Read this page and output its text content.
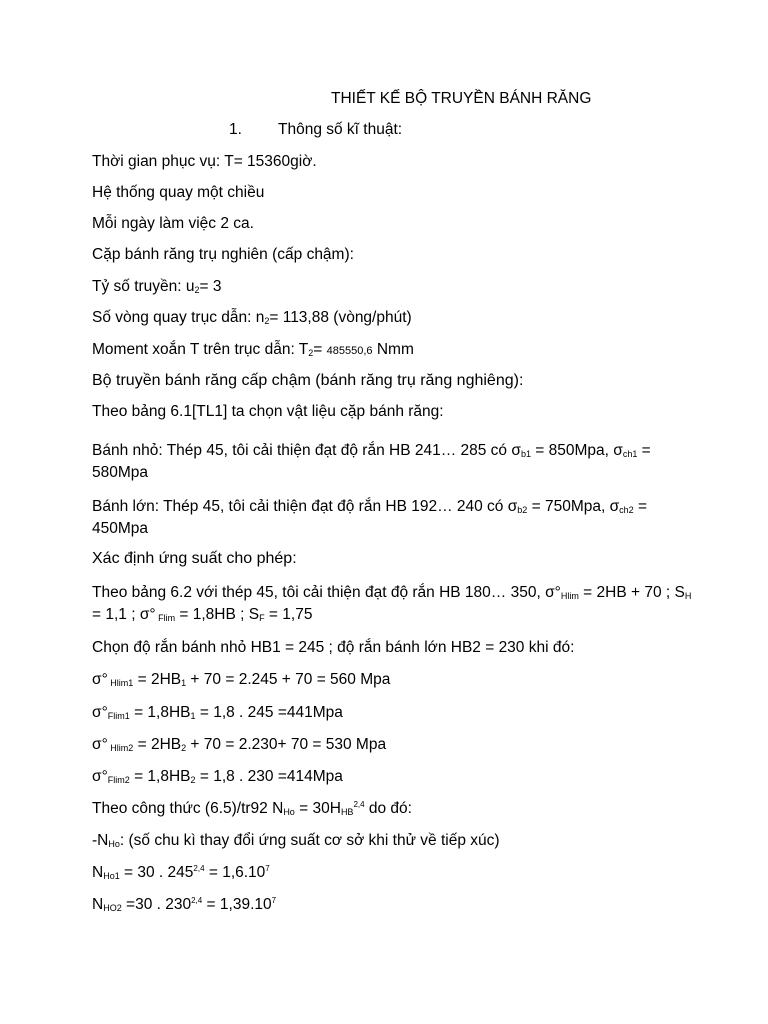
THIẾT KẾ BỘ TRUYỀN BÁNH RĂNG
1. Thông số kĩ thuật:
Thời gian phục vụ: T= 15360giờ.
Hệ thống quay một chiều
Mỗi ngày làm việc 2 ca.
Cặp bánh răng trụ nghiên (cấp chậm):
Tỷ số truyền: $u_2= 3$
Số vòng quay trục dẫn: $n_2= 113,88$ (vòng/phút)
Moment xoắn T trên trục dẫn: $T_2= 485550,6$ Nmm
Bộ truyền bánh răng cấp chậm (bánh răng trụ răng nghiêng):
Theo bảng 6.1[TL1] ta chọn vật liệu cặp bánh răng:
Bánh nhỏ: Thép 45, tôi cải thiện đạt độ rắn HB 241… 285 có $\sigma_{b1} = 850Mpa$, $\sigma_{ch1} = 580Mpa$
Bánh lớn: Thép 45, tôi cải thiện đạt độ rắn HB 192… 240 có $\sigma_{b2} = 750Mpa$, $\sigma_{ch2} = 450Mpa$
Xác định ứng suất cho phép:
Theo bảng 6.2 với thép 45, tôi cải thiện đạt độ rắn HB 180… 350, $\sigma^\circ_{Hlim} = 2HB + 70$ ; $S_H = 1,1$ ; σ° $_{Flim}$ = 1,8HB ; $S_F = 1,75$
Chọn độ rắn bánh nhỏ HB1 = 245 ; độ rắn bánh lớn HB2 = 230 khi đó:
σ° $_{Hlim1} = 2HB_1 + 70 = 2.245 + 70 = 560$ Mpa
$\sigma^\circ_{Flim1} = 1,8HB_1 = 1,8$ . 245 =441Mpa
σ° $_{Hlim2} = 2HB_2 + 70 = 2.230+ 70 = 530$ Mpa
$\sigma^\circ_{Flim2} = 1,8HB_2 = 1,8$ . 230 =414Mpa
Theo công thức (6.5)/tr92 $N_{Ho} = 30H_{HB}^{2,4}$ do đó:
$-N_{Ho}$: (số chu kì thay đổi ứng suất cơ sở khi thử về tiếp xúc)
$N_{Ho1} = 30$ . $245^{2,4} = 1,6.10^7$
$N_{HO2} =30$ . $230^{2,4} = 1,39.10^7$
